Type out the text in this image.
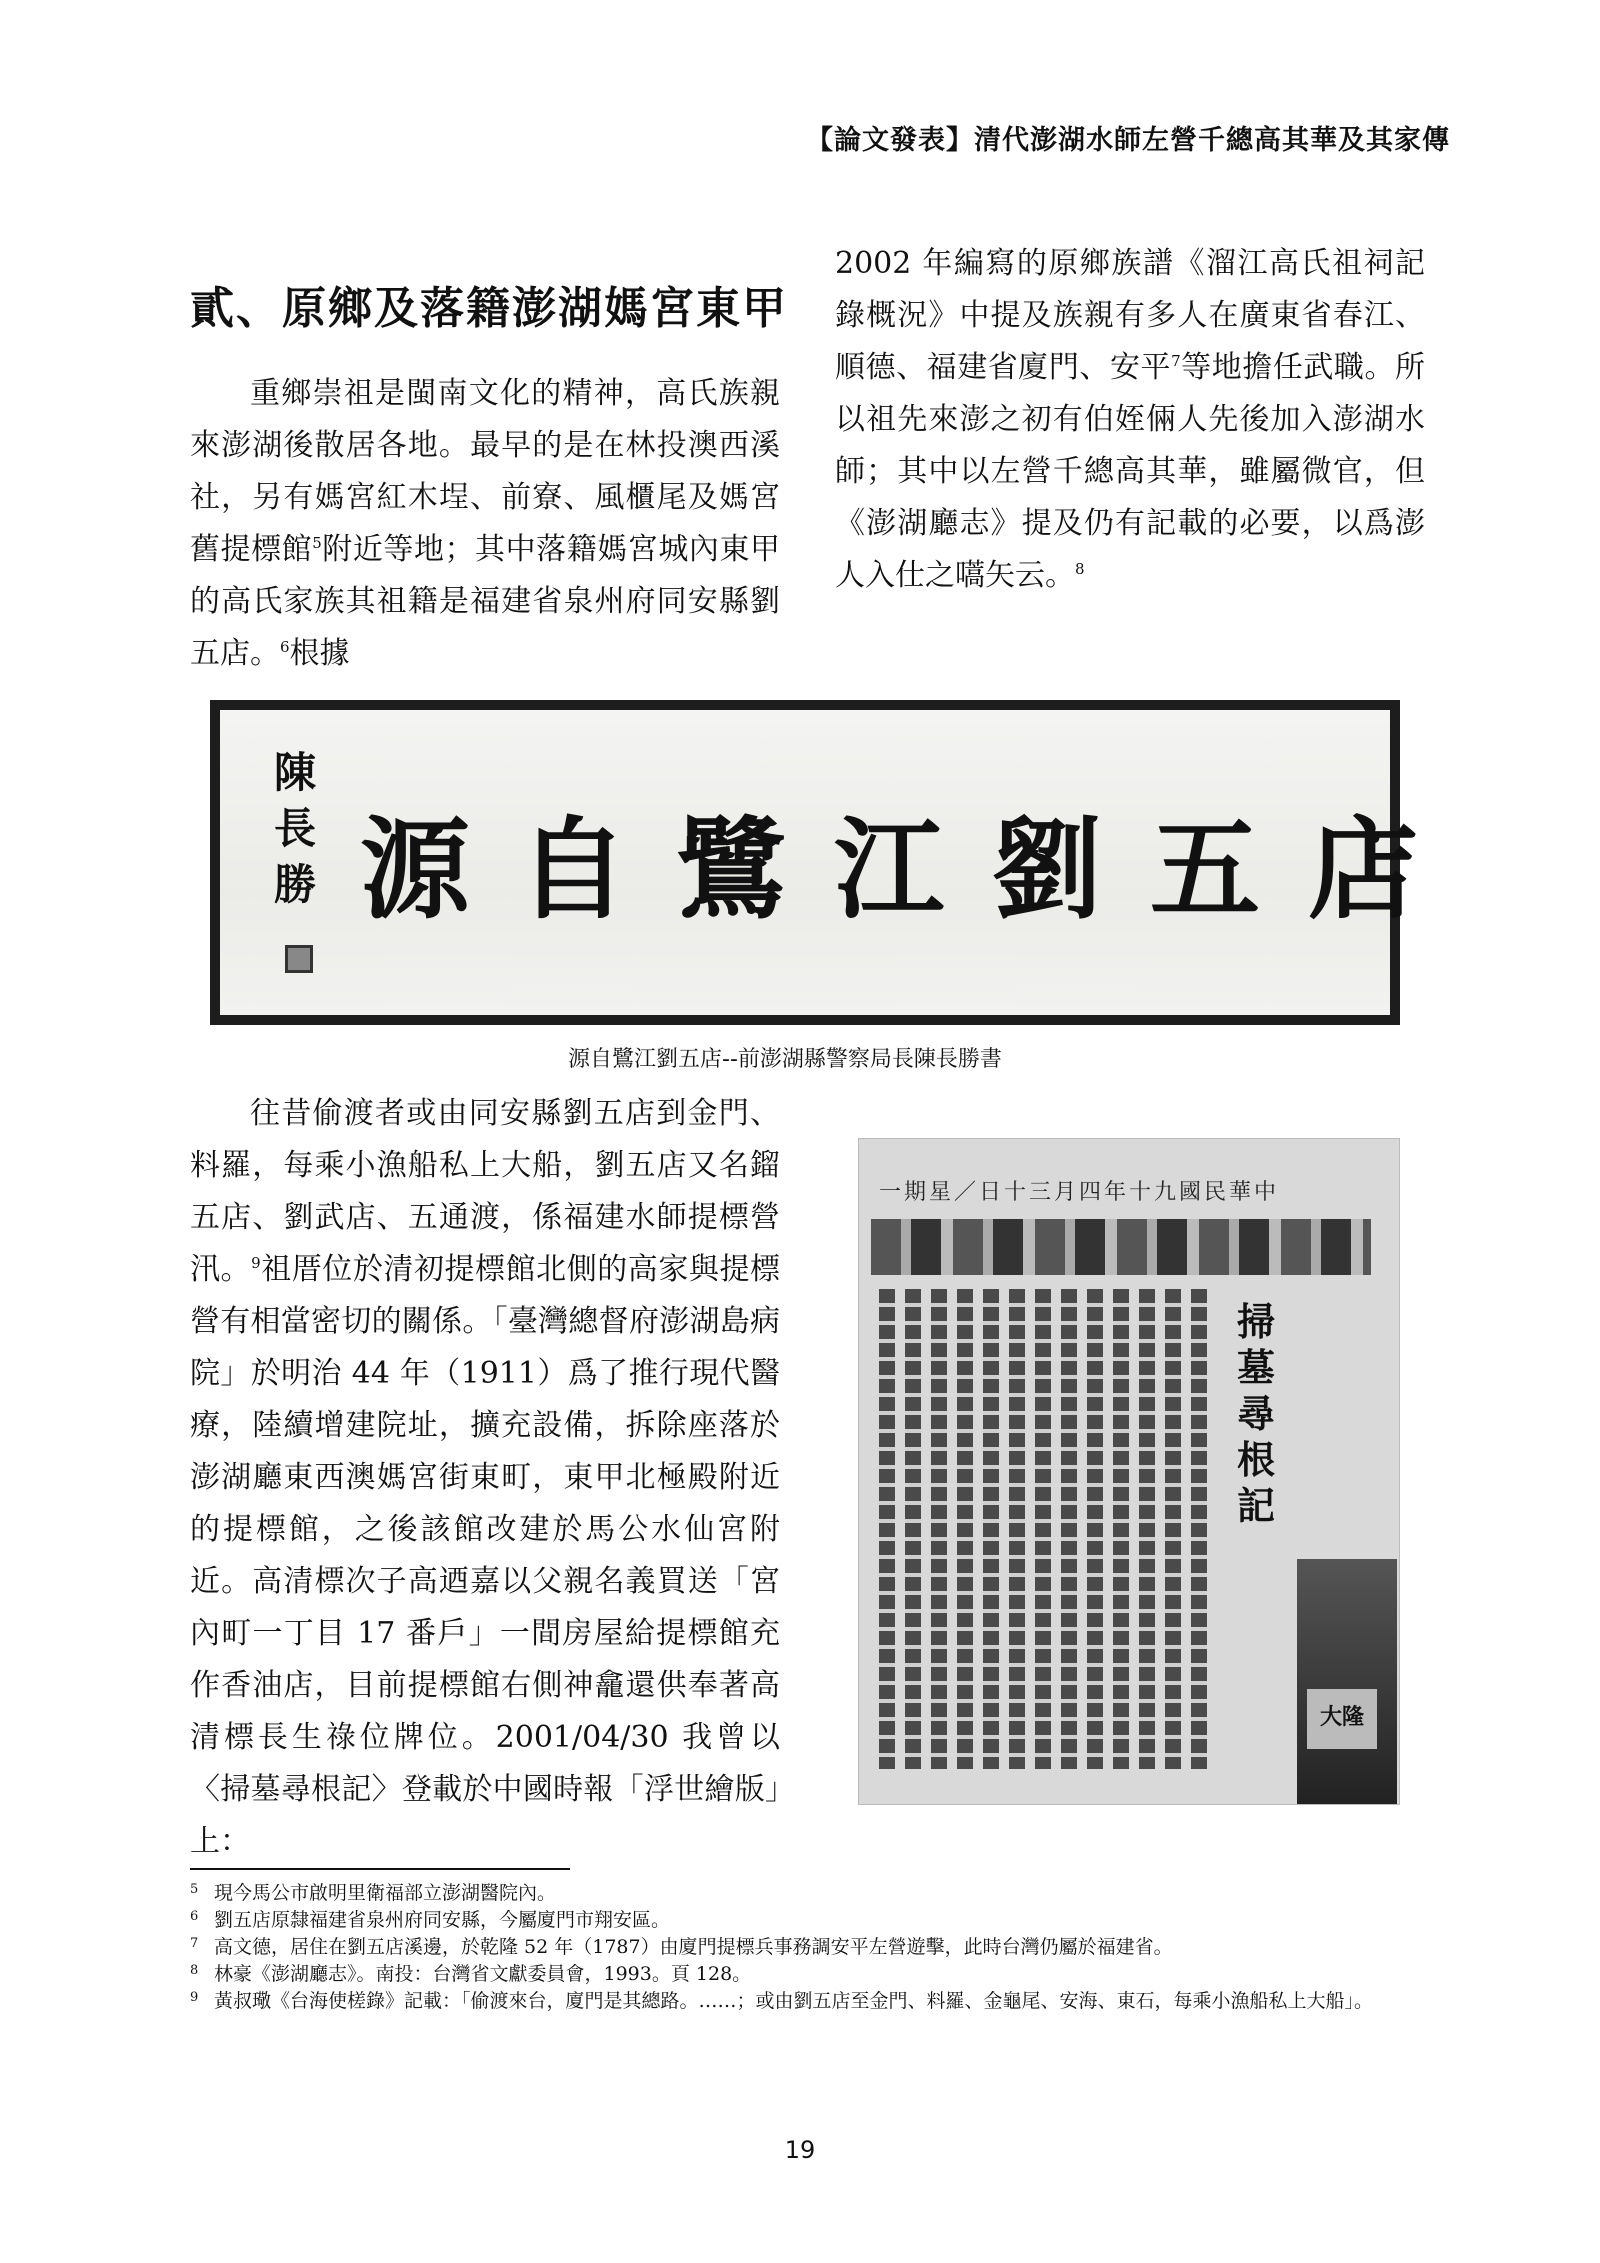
【論文發表】清代澎湖水師左營千總高其華及其家傳
貳、原鄉及落籍澎湖媽宮東甲

重鄉崇祖是閩南文化的精神，高氏族親來澎湖後散居各地。最早的是在林投澳西溪社，另有媽宮紅木埕、前寮、風櫃尾及媽宮舊提標館$^5$附近等地；其中落籍媽宮城內東甲的高氏家族其祖籍是福建省泉州府同安縣劉五店。$^6$根據

2002 年編寫的原鄉族譜《溜江高氏祖祠記錄概況》中提及族親有多人在廣東省春江、順德、福建省廈門、安平$^7$等地擔任武職。所以祖先來澎之初有伯姪倆人先後加入澎湖水師；其中以左營千總高其華，雖屬微官，但《澎湖廳志》提及仍有記載的必要，以爲澎人入仕之嚆矢云。$^8$

陳長勝 源自鷺江劉五店
源自鷺江劉五店--前澎湖縣警察局長陳長勝書

往昔偷渡者或由同安縣劉五店到金門、料羅，每乘小漁船私上大船，劉五店又名鎦五店、劉武店、五通渡，係福建水師提標營汛。$^9$祖厝位於清初提標館北側的高家與提標營有相當密切的關係。「臺灣總督府澎湖島病院」於明治 44 年（1911）爲了推行現代醫療，陸續增建院址，擴充設備，拆除座落於澎湖廳東西澳媽宮街東町，東甲北極殿附近的提標館，之後該館改建於馬公水仙宮附近。高清標次子高迺嘉以父親名義買送「宮內町一丁目 17 番戶」一間房屋給提標館充作香油店，目前提標館右側神龕還供奉著高清標長生祿位牌位。2001/04/30 我曾以〈掃墓尋根記〉登載於中國時報「浮世繪版」上：

一期星／日十三月四年十九國民華中
掃墓尋根記
大隆
5 現今馬公市啟明里衛福部立澎湖醫院內。
6 劉五店原隸福建省泉州府同安縣，今屬廈門市翔安區。
7 高文德，居住在劉五店溪邊，於乾隆 52 年（1787）由廈門提標兵事務調安平左營遊擊，此時台灣仍屬於福建省。
8 林豪《澎湖廳志》。南投：台灣省文獻委員會，1993。頁 128。
9 黃叔璥《台海使槎錄》記載：「偷渡來台，廈門是其總路。……；或由劉五店至金門、料羅、金龜尾、安海、東石，每乘小漁船私上大船」。
19
